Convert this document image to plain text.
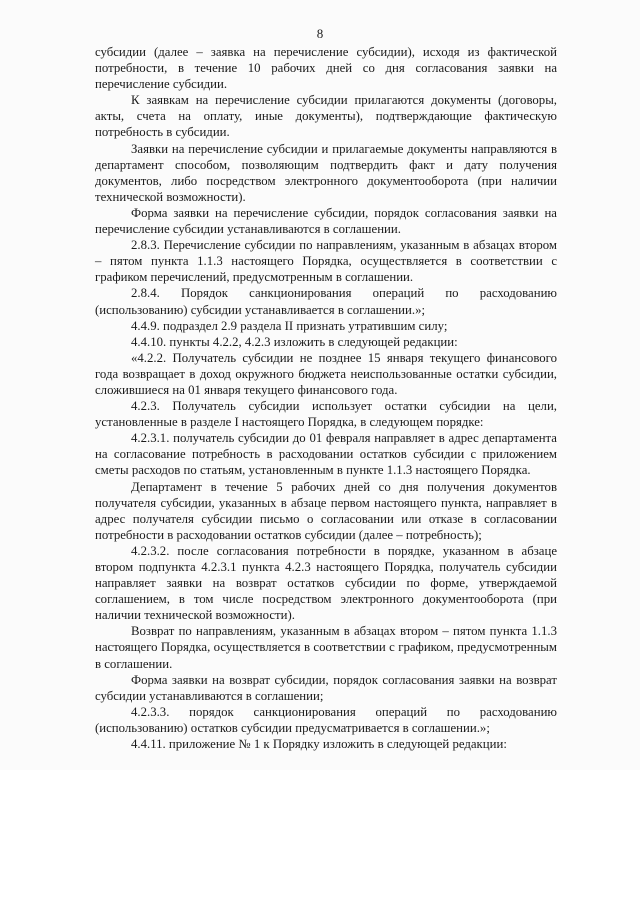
8

субсидии (далее – заявка на перечисление субсидии), исходя из фактической потребности, в течение 10 рабочих дней со дня согласования заявки на перечисление субсидии.

К заявкам на перечисление субсидии прилагаются документы (договоры, акты, счета на оплату, иные документы), подтверждающие фактическую потребность в субсидии.

Заявки на перечисление субсидии и прилагаемые документы направляются в департамент способом, позволяющим подтвердить факт и дату получения документов, либо посредством электронного документооборота (при наличии технической возможности).

Форма заявки на перечисление субсидии, порядок согласования заявки на перечисление субсидии устанавливаются в соглашении.

2.8.3. Перечисление субсидии по направлениям, указанным в абзацах втором – пятом пункта 1.1.3 настоящего Порядка, осуществляется в соответствии с графиком перечислений, предусмотренным в соглашении.

2.8.4. Порядок санкционирования операций по расходованию (использованию) субсидии устанавливается в соглашении.»;

4.4.9. подраздел 2.9 раздела II признать утратившим силу;

4.4.10. пункты 4.2.2, 4.2.3 изложить в следующей редакции:

«4.2.2. Получатель субсидии не позднее 15 января текущего финансового года возвращает в доход окружного бюджета неиспользованные остатки субсидии, сложившиеся на 01 января текущего финансового года.

4.2.3. Получатель субсидии использует остатки субсидии на цели, установленные в разделе I настоящего Порядка, в следующем порядке:

4.2.3.1. получатель субсидии до 01 февраля направляет в адрес департамента на согласование потребность в расходовании остатков субсидии с приложением сметы расходов по статьям, установленным в пункте 1.1.3 настоящего Порядка.

Департамент в течение 5 рабочих дней со дня получения документов получателя субсидии, указанных в абзаце первом настоящего пункта, направляет в адрес получателя субсидии письмо о согласовании или отказе в согласовании потребности в расходовании остатков субсидии (далее – потребность);

4.2.3.2. после согласования потребности в порядке, указанном в абзаце втором подпункта 4.2.3.1 пункта 4.2.3 настоящего Порядка, получатель субсидии направляет заявки на возврат остатков субсидии по форме, утверждаемой соглашением, в том числе посредством электронного документооборота (при наличии технической возможности).

Возврат по направлениям, указанным в абзацах втором – пятом пункта 1.1.3 настоящего Порядка, осуществляется в соответствии с графиком, предусмотренным в соглашении.

Форма заявки на возврат субсидии, порядок согласования заявки на возврат субсидии устанавливаются в соглашении;

4.2.3.3. порядок санкционирования операций по расходованию (использованию) остатков субсидии предусматривается в соглашении.»;

4.4.11. приложение № 1 к Порядку изложить в следующей редакции:
